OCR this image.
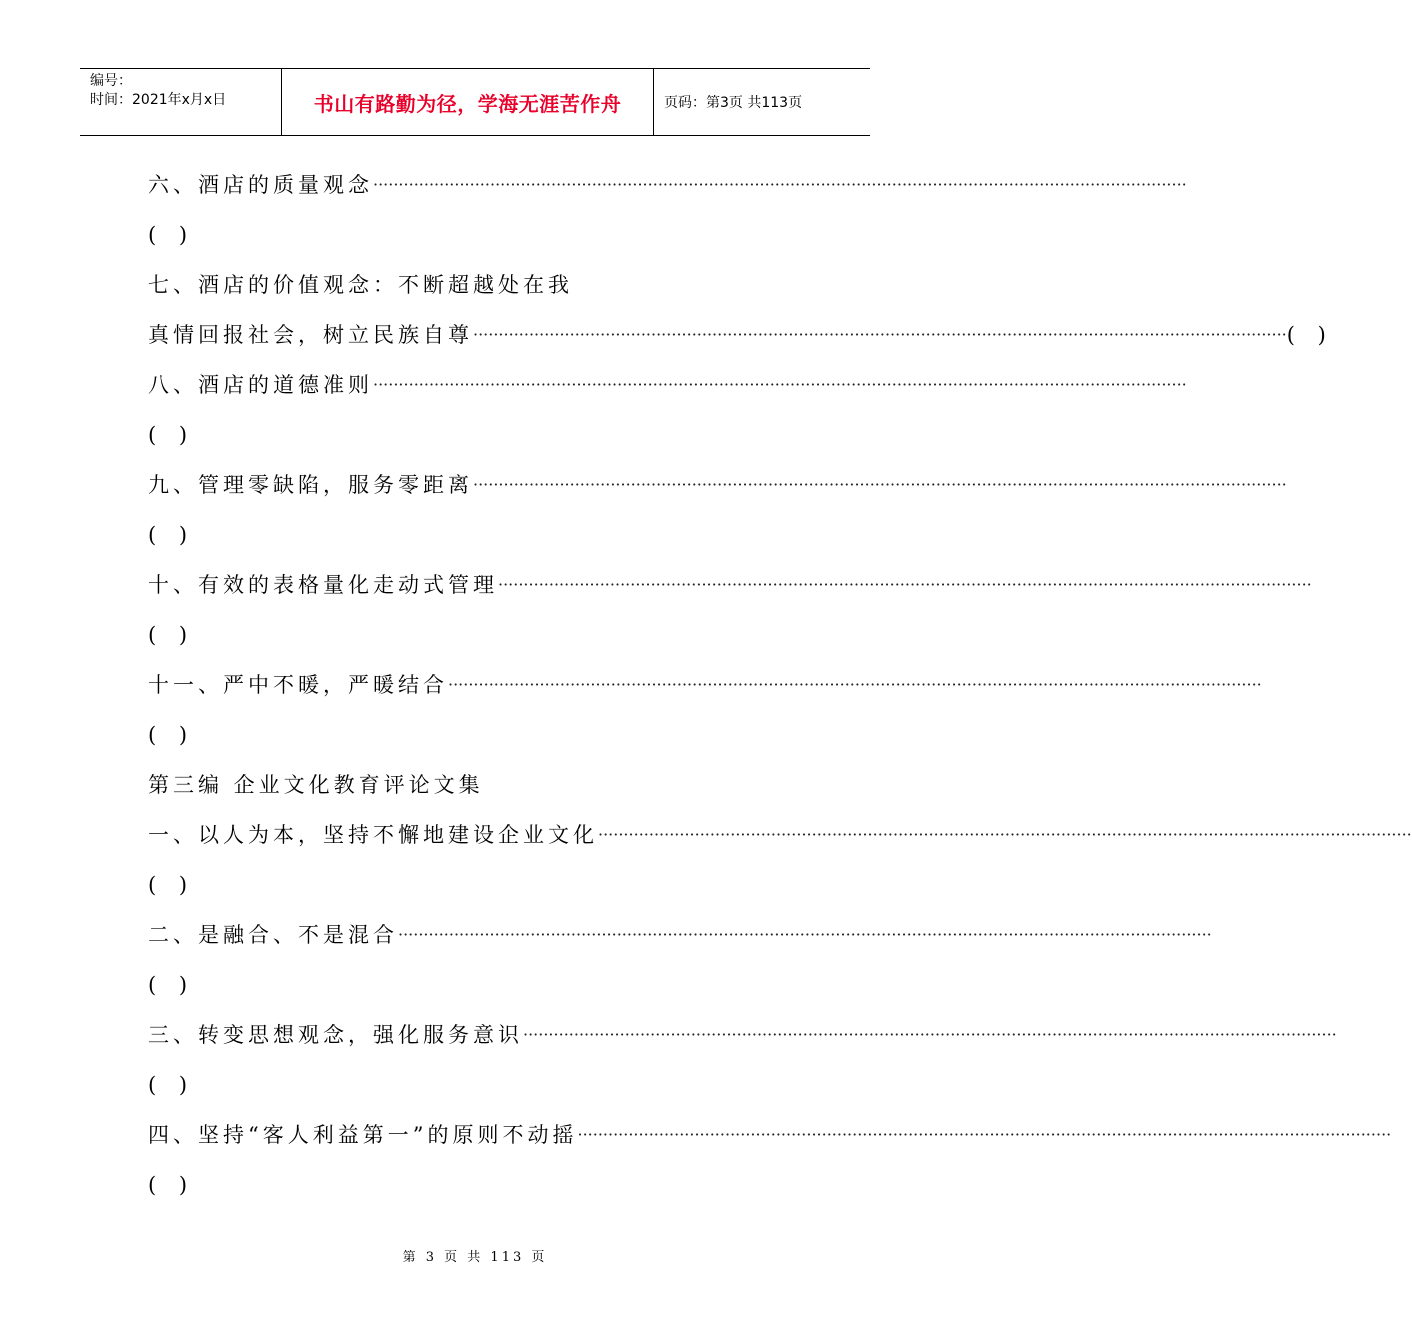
编号：
时间：2021年x月x日	书山有路勤为径，学海无涯苦作舟	页码：第3页 共113页
六、酒店的质量观念 ································································································································································
( )
七、酒店的价值观念：不断超越处在我
真情回报社会，树立民族自尊 ································································································································································ ( )
八、酒店的道德准则 ································································································································································
( )
九、管理零缺陷，服务零距离 ································································································································································
( )
十、有效的表格量化走动式管理 ································································································································································
( )
十一、严中不暖，严暖结合 ································································································································································
( )
第三编 企业文化教育评论文集
一、以人为本，坚持不懈地建设企业文化 ································································································································································
( )
二、是融合、不是混合 ································································································································································
( )
三、转变思想观念，强化服务意识 ································································································································································
( )
四、坚持“客人利益第一”的原则不动摇 ································································································································································
( )
第 3 页 共 113 页
